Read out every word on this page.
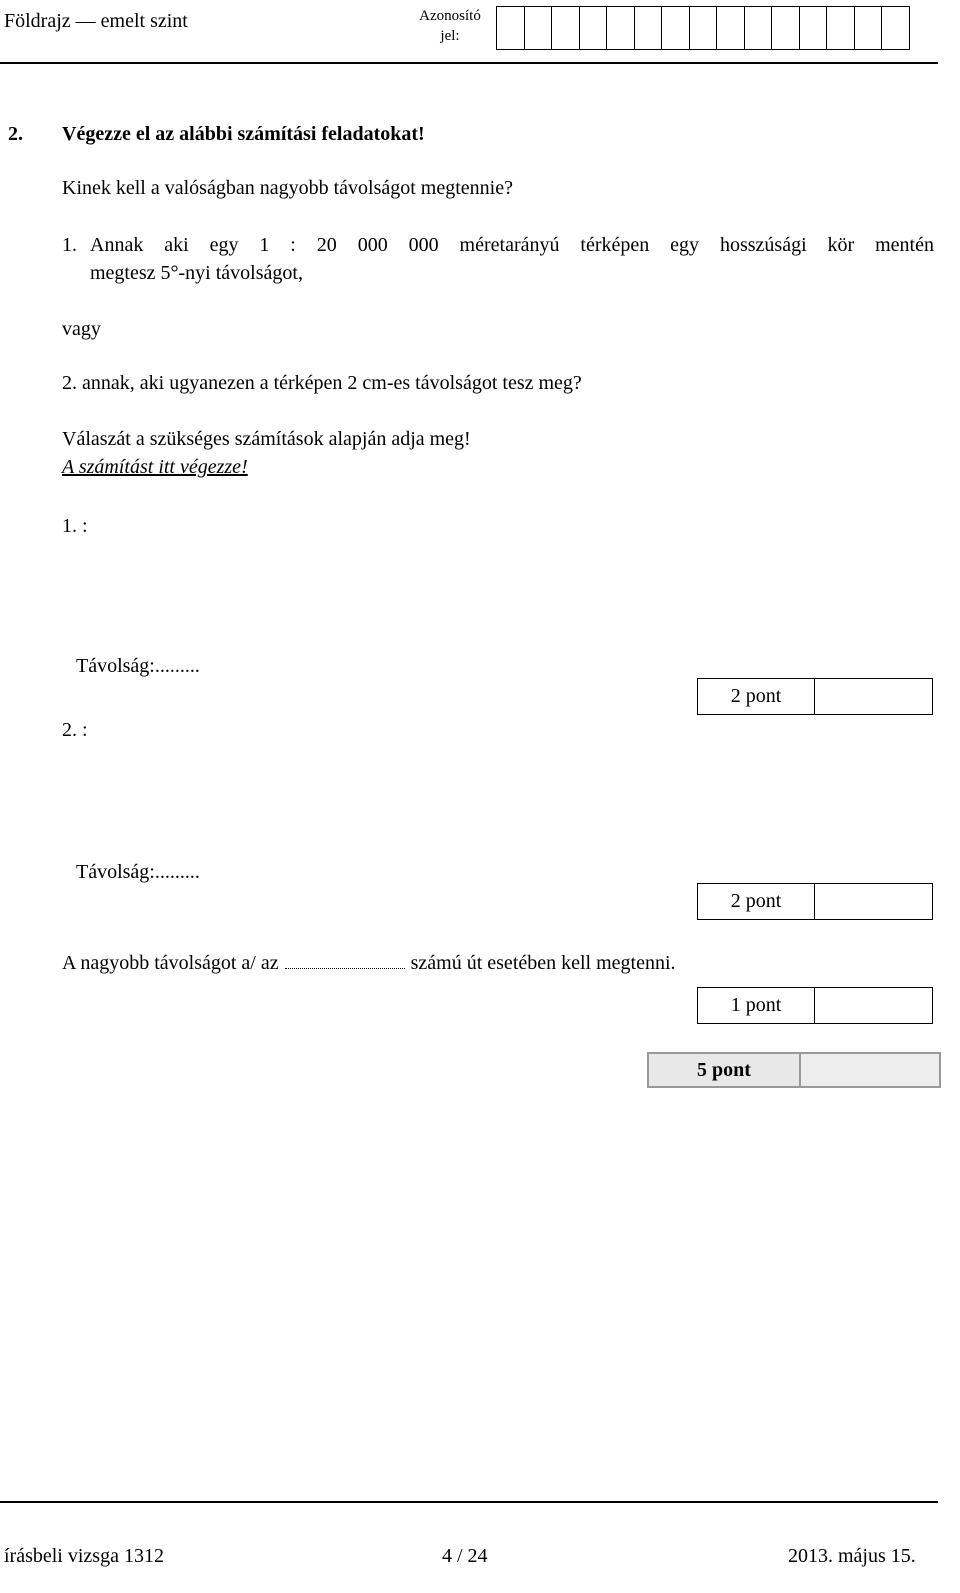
Földrajz — emelt szint	Azonosító jel:
2. Végezze el az alábbi számítási feladatokat!
Kinek kell a valóságban nagyobb távolságot megtennie?
1. Annak aki egy 1 : 20 000 000 méretarányú térképen egy hosszúsági kör mentén
megtesz 5°-nyi távolságot,
vagy
2. annak, aki ugyanezen a térképen 2 cm-es távolságot tesz meg?
Válaszát a szükséges számítások alapján adja meg!
A számítást itt végezze!
1. :
Távolság:.........
2 pont
2. :
Távolság:.........
2 pont
A nagyobb távolságot a/ az	számú út esetében kell megtenni.
1 pont
5 pont
írásbeli vizsga 1312	4 / 24	2013. május 15.
